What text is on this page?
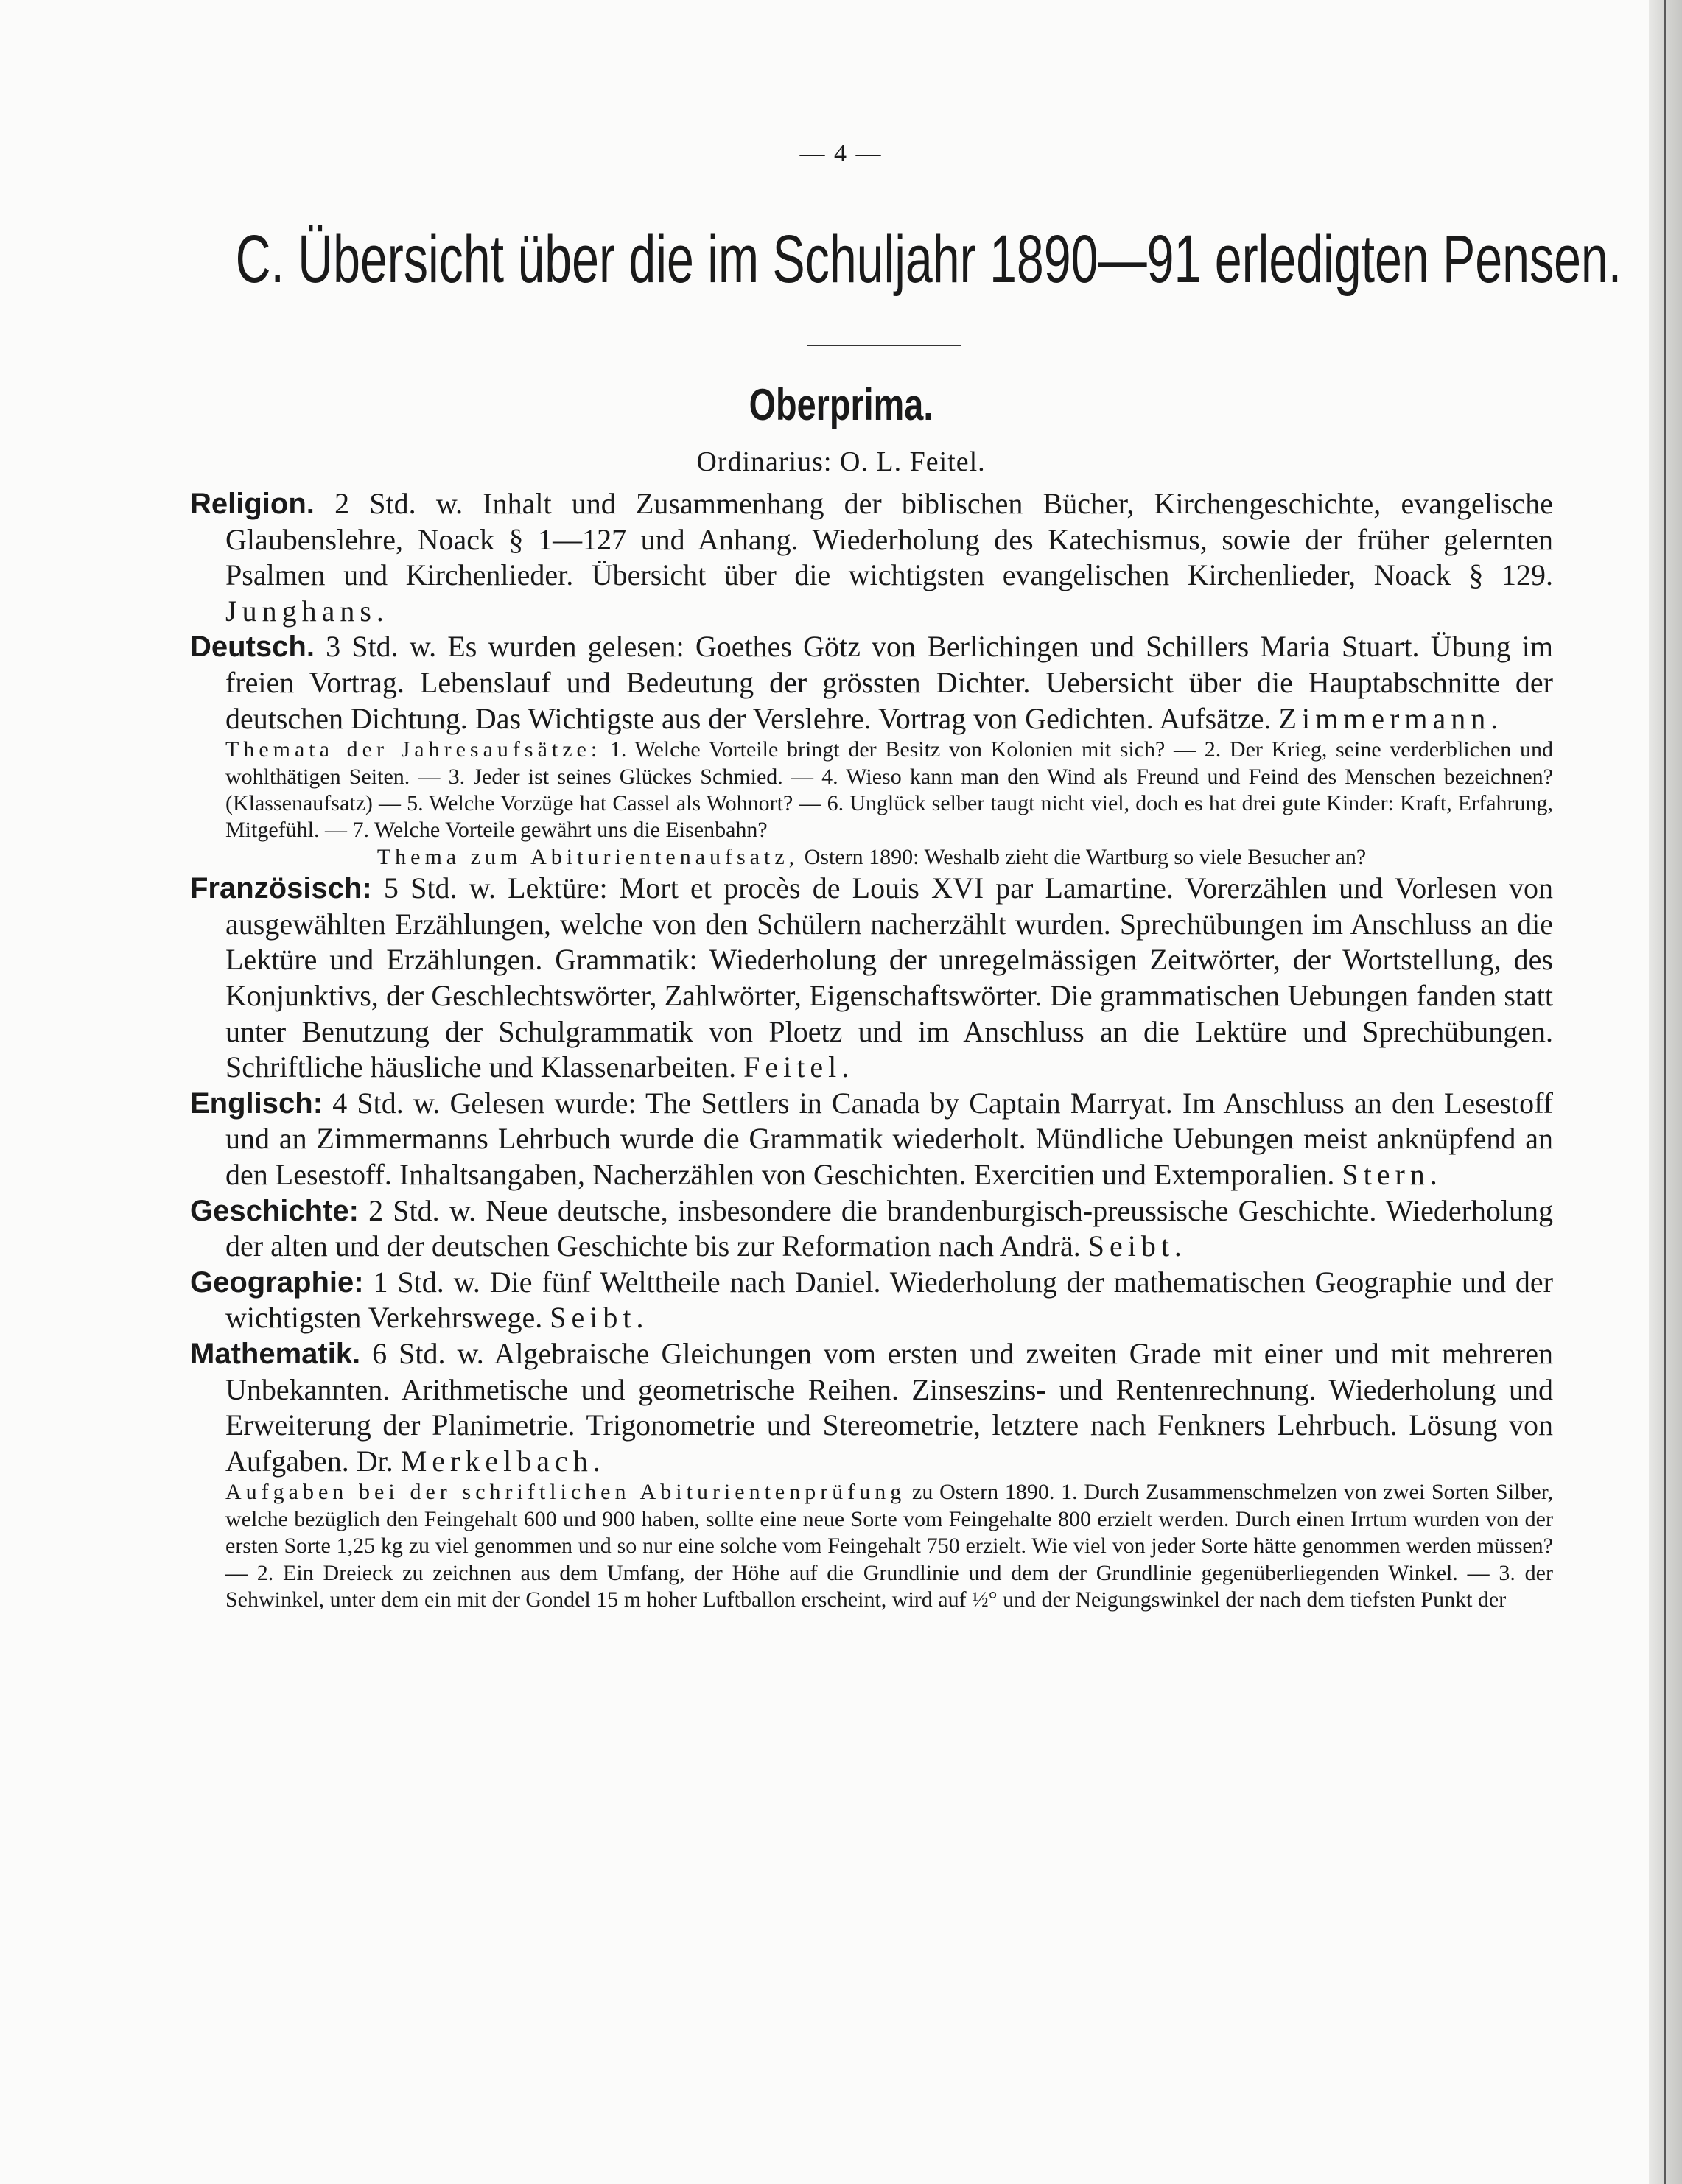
— 4 —
C. Übersicht über die im Schuljahr 1890—91 erledigten Pensen.
Oberprima.
Ordinarius: O. L. Feitel.

Religion. 2 Std. w. Inhalt und Zusammenhang der biblischen Bücher, Kirchengeschichte, evangelische Glaubenslehre, Noack § 1—127 und Anhang. Wiederholung des Katechismus, sowie der früher gelernten Psalmen und Kirchenlieder. Übersicht über die wichtigsten evangelischen Kirchenlieder, Noack § 129. Junghans.

Deutsch. 3 Std. w. Es wurden gelesen: Goethes Götz von Berlichingen und Schillers Maria Stuart. Übung im freien Vortrag. Lebenslauf und Bedeutung der grössten Dichter. Uebersicht über die Hauptabschnitte der deutschen Dichtung. Das Wichtigste aus der Verslehre. Vortrag von Gedichten. Aufsätze. Zimmermann.

Themata der Jahresaufsätze: 1. Welche Vorteile bringt der Besitz von Kolonien mit sich? — 2. Der Krieg, seine verderblichen und wohlthätigen Seiten. — 3. Jeder ist seines Glückes Schmied. — 4. Wieso kann man den Wind als Freund und Feind des Menschen bezeichnen? (Klassenaufsatz) — 5. Welche Vorzüge hat Cassel als Wohnort? — 6. Unglück selber taugt nicht viel, doch es hat drei gute Kinder: Kraft, Erfahrung, Mitgefühl. — 7. Welche Vorteile gewährt uns die Eisenbahn?

Thema zum Abiturientenaufsatz, Ostern 1890: Weshalb zieht die Wartburg so viele Besucher an?

Französisch: 5 Std. w. Lektüre: Mort et procès de Louis XVI par Lamartine. Vorerzählen und Vorlesen von ausgewählten Erzählungen, welche von den Schülern nacherzählt wurden. Sprechübungen im Anschluss an die Lektüre und Erzählungen. Grammatik: Wiederholung der unregelmässigen Zeitwörter, der Wortstellung, des Konjunktivs, der Geschlechtswörter, Zahlwörter, Eigenschaftswörter. Die grammatischen Uebungen fanden statt unter Benutzung der Schulgrammatik von Ploetz und im Anschluss an die Lektüre und Sprechübungen. Schriftliche häusliche und Klassenarbeiten. Feitel.

Englisch: 4 Std. w. Gelesen wurde: The Settlers in Canada by Captain Marryat. Im Anschluss an den Lesestoff und an Zimmermanns Lehrbuch wurde die Grammatik wiederholt. Mündliche Uebungen meist anknüpfend an den Lesestoff. Inhaltsangaben, Nacherzählen von Geschichten. Exercitien und Extemporalien. Stern.

Geschichte: 2 Std. w. Neue deutsche, insbesondere die brandenburgisch-preussische Geschichte. Wiederholung der alten und der deutschen Geschichte bis zur Reformation nach Andrä. Seibt.

Geographie: 1 Std. w. Die fünf Welttheile nach Daniel. Wiederholung der mathematischen Geographie und der wichtigsten Verkehrswege. Seibt.

Mathematik. 6 Std. w. Algebraische Gleichungen vom ersten und zweiten Grade mit einer und mit mehreren Unbekannten. Arithmetische und geometrische Reihen. Zinseszins- und Rentenrechnung. Wiederholung und Erweiterung der Planimetrie. Trigonometrie und Stereometrie, letztere nach Fenkners Lehrbuch. Lösung von Aufgaben. Dr. Merkelbach.

Aufgaben bei der schriftlichen Abiturientenprüfung zu Ostern 1890. 1. Durch Zusammenschmelzen von zwei Sorten Silber, welche bezüglich den Feingehalt 600 und 900 haben, sollte eine neue Sorte vom Feingehalte 800 erzielt werden. Durch einen Irrtum wurden von der ersten Sorte 1,25 kg zu viel genommen und so nur eine solche vom Feingehalt 750 erzielt. Wie viel von jeder Sorte hätte genommen werden müssen? — 2. Ein Dreieck zu zeichnen aus dem Umfang, der Höhe auf die Grundlinie und dem der Grundlinie gegenüberliegenden Winkel. — 3. der Sehwinkel, unter dem ein mit der Gondel 15 m hoher Luftballon erscheint, wird auf ½° und der Neigungswinkel der nach dem tiefsten Punkt der
